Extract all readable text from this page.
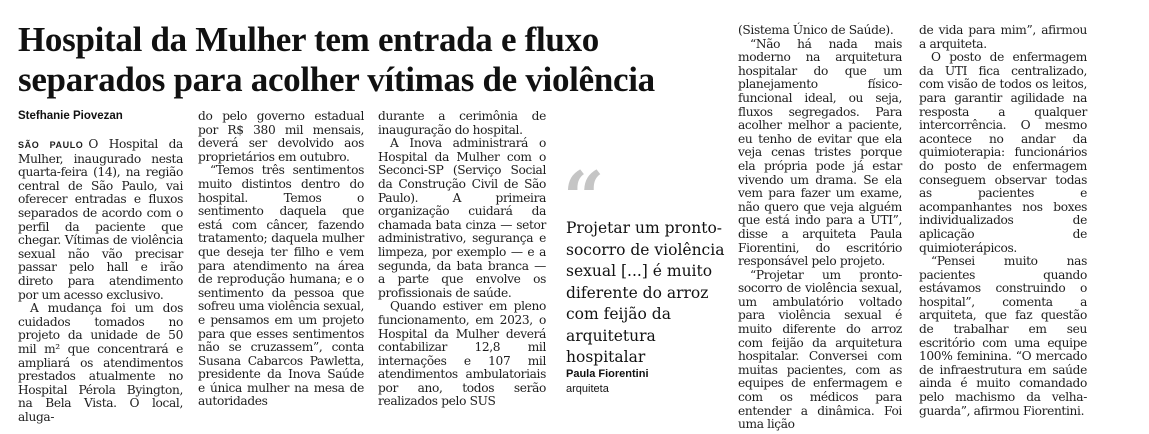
Hospital da Mulher tem entrada e fluxo separados para acolher vítimas de violência
Stefhanie Piovezan

SÃO PAULO O Hospital da Mulher, inaugurado nesta quarta-feira (14), na região central de São Paulo, vai oferecer entradas e fluxos separados de acordo com o perfil da paciente que chegar. Vítimas de violência sexual não vão precisar passar pelo hall e irão direto para atendimento por um acesso exclusivo.

A mudança foi um dos cuidados tomados no projeto da unidade de 50 mil m² que concentrará e ampliará os atendimentos prestados atualmente no Hospital Pérola Byington, na Bela Vista. O local, aluga-

do pelo governo estadual por R$ 380 mil mensais, deverá ser devolvido aos proprietários em outubro.

“Temos três sentimentos muito distintos dentro do hospital. Temos o sentimento daquela que está com câncer, fazendo tratamento; daquela mulher que deseja ter filho e vem para atendimento na área de reprodução humana; e o sentimento da pessoa que sofreu uma violência sexual, e pensamos em um projeto para que esses sentimentos não se cruzassem”, conta Susana Cabarcos Pawletta, presidente da Inova Saúde e única mulher na mesa de autoridades

durante a cerimônia de inauguração do hospital.

A Inova administrará o Hospital da Mulher com o Seconci-SP (Serviço Social da Construção Civil de São Paulo). A primeira organização cuidará da chamada bata cinza — setor administrativo, segurança e limpeza, por exemplo — e a segunda, da bata branca — a parte que envolve os profissionais de saúde.

Quando estiver em pleno funcionamento, em 2023, o Hospital da Mulher deverá contabilizar 12,8 mil internações e 107 mil atendimentos ambulatoriais por ano, todos serão realizados pelo SUS

“
Projetar um pronto-socorro de violência sexual [...] é muito diferente do arroz com feijão da arquitetura hospitalar
Paula Fiorentini
arquiteta

(Sistema Único de Saúde).

“Não há nada mais moderno na arquitetura hospitalar do que um planejamento físico-funcional ideal, ou seja, fluxos segregados. Para acolher melhor a paciente, eu tenho de evitar que ela veja cenas tristes porque ela própria pode já estar vivendo um drama. Se ela vem para fazer um exame, não quero que veja alguém que está indo para a UTI”, disse a arquiteta Paula Fiorentini, do escritório responsável pelo projeto.

“Projetar um pronto-socorro de violência sexual, um ambulatório voltado para violência sexual é muito diferente do arroz com feijão da arquitetura hospitalar. Conversei com muitas pacientes, com as equipes de enfermagem e com os médicos para entender a dinâmica. Foi uma lição

de vida para mim”, afirmou a arquiteta.

O posto de enfermagem da UTI fica centralizado, com visão de todos os leitos, para garantir agilidade na resposta a qualquer intercorrência. O mesmo acontece no andar da quimioterapia: funcionários do posto de enfermagem conseguem observar todas as pacientes e acompanhantes nos boxes individualizados de aplicação de quimioterápicos.

“Pensei muito nas pacientes quando estávamos construindo o hospital”, comenta a arquiteta, que faz questão de trabalhar em seu escritório com uma equipe 100% feminina. “O mercado de infraestrutura em saúde ainda é muito comandado pelo machismo da velha-guarda”, afirmou Fiorentini.
